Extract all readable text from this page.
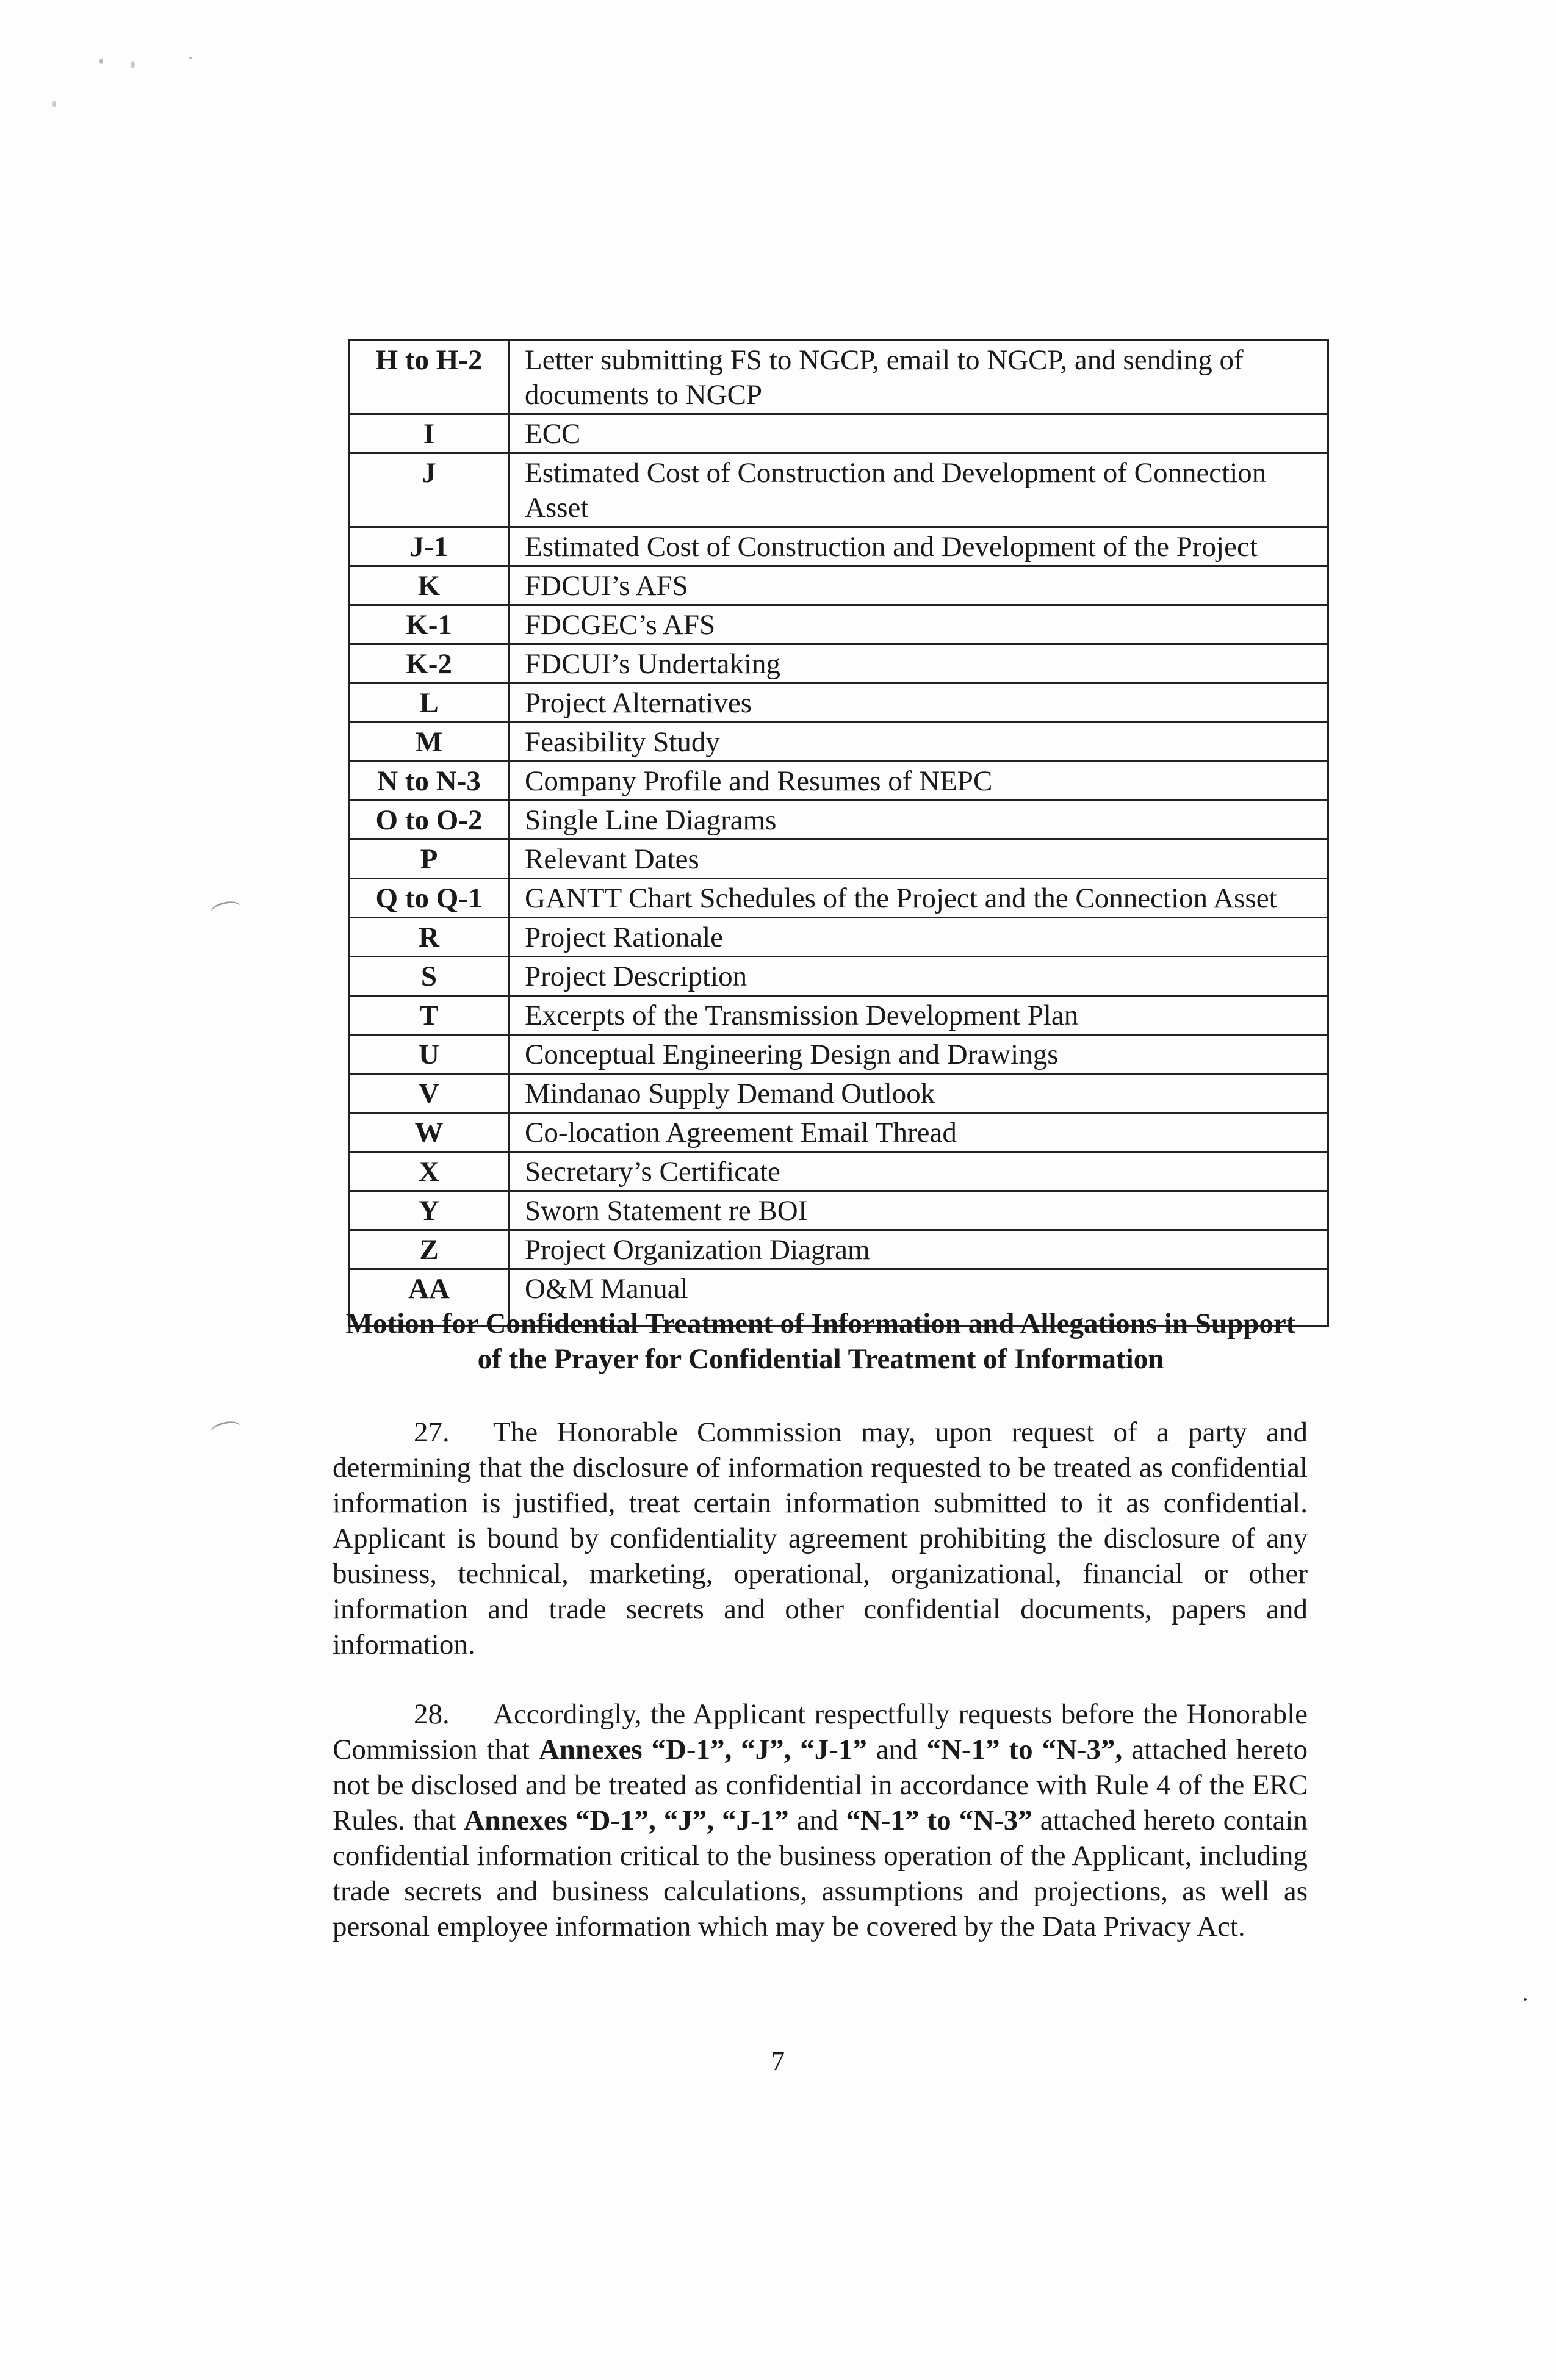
H to H-2	Letter submitting FS to NGCP, email to NGCP, and sending of documents to NGCP
I	ECC
J	Estimated Cost of Construction and Development of Connection Asset
J-1	Estimated Cost of Construction and Development of the Project
K	FDCUI’s AFS
K-1	FDCGEC’s AFS
K-2	FDCUI’s Undertaking
L	Project Alternatives
M	Feasibility Study
N to N-3	Company Profile and Resumes of NEPC
O to O-2	Single Line Diagrams
P	Relevant Dates
Q to Q-1	GANTT Chart Schedules of the Project and the Connection Asset
R	Project Rationale
S	Project Description
T	Excerpts of the Transmission Development Plan
U	Conceptual Engineering Design and Drawings
V	Mindanao Supply Demand Outlook
W	Co-location Agreement Email Thread
X	Secretary’s Certificate
Y	Sworn Statement re BOI
Z	Project Organization Diagram
AA	O&M Manual
Motion for Confidential Treatment of Information and Allegations in Support of the Prayer for Confidential Treatment of Information

27. The Honorable Commission may, upon request of a party and determining that the disclosure of information requested to be treated as confidential information is justified, treat certain information submitted to it as confidential. Applicant is bound by confidentiality agreement prohibiting the disclosure of any business, technical, marketing, operational, organizational, financial or other information and trade secrets and other confidential documents, papers and information.

28. Accordingly, the Applicant respectfully requests before the Honorable Commission that Annexes “D-1”, “J”, “J-1” and “N-1” to “N-3”, attached hereto not be disclosed and be treated as confidential in accordance with Rule 4 of the ERC Rules. that Annexes “D-1”, “J”, “J-1” and “N-1” to “N-3” attached hereto contain confidential information critical to the business operation of the Applicant, including trade secrets and business calculations, assumptions and projections, as well as personal employee information which may be covered by the Data Privacy Act.

7
